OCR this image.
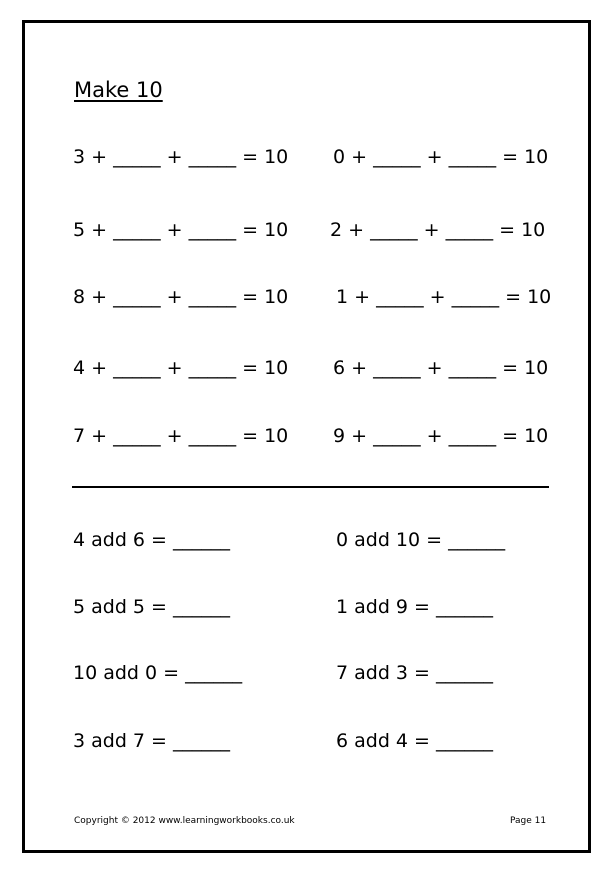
Make 10
3 + _____ + _____ = 10
5 + _____ + _____ = 10
8 + _____ + _____ = 10
4 + _____ + _____ = 10
7 + _____ + _____ = 10
0 + _____ + _____ = 10
2 + _____ + _____ = 10
1 + _____ + _____ = 10
6 + _____ + _____ = 10
9 + _____ + _____ = 10
4 add 6 = ______
5 add 5 = ______
10 add 0 = ______
3 add 7 = ______
0 add 10 = ______
1 add 9 = ______
7 add 3 = ______
6 add 4 = ______
Copyright © 2012 www.learningworkbooks.co.uk	Page 11
